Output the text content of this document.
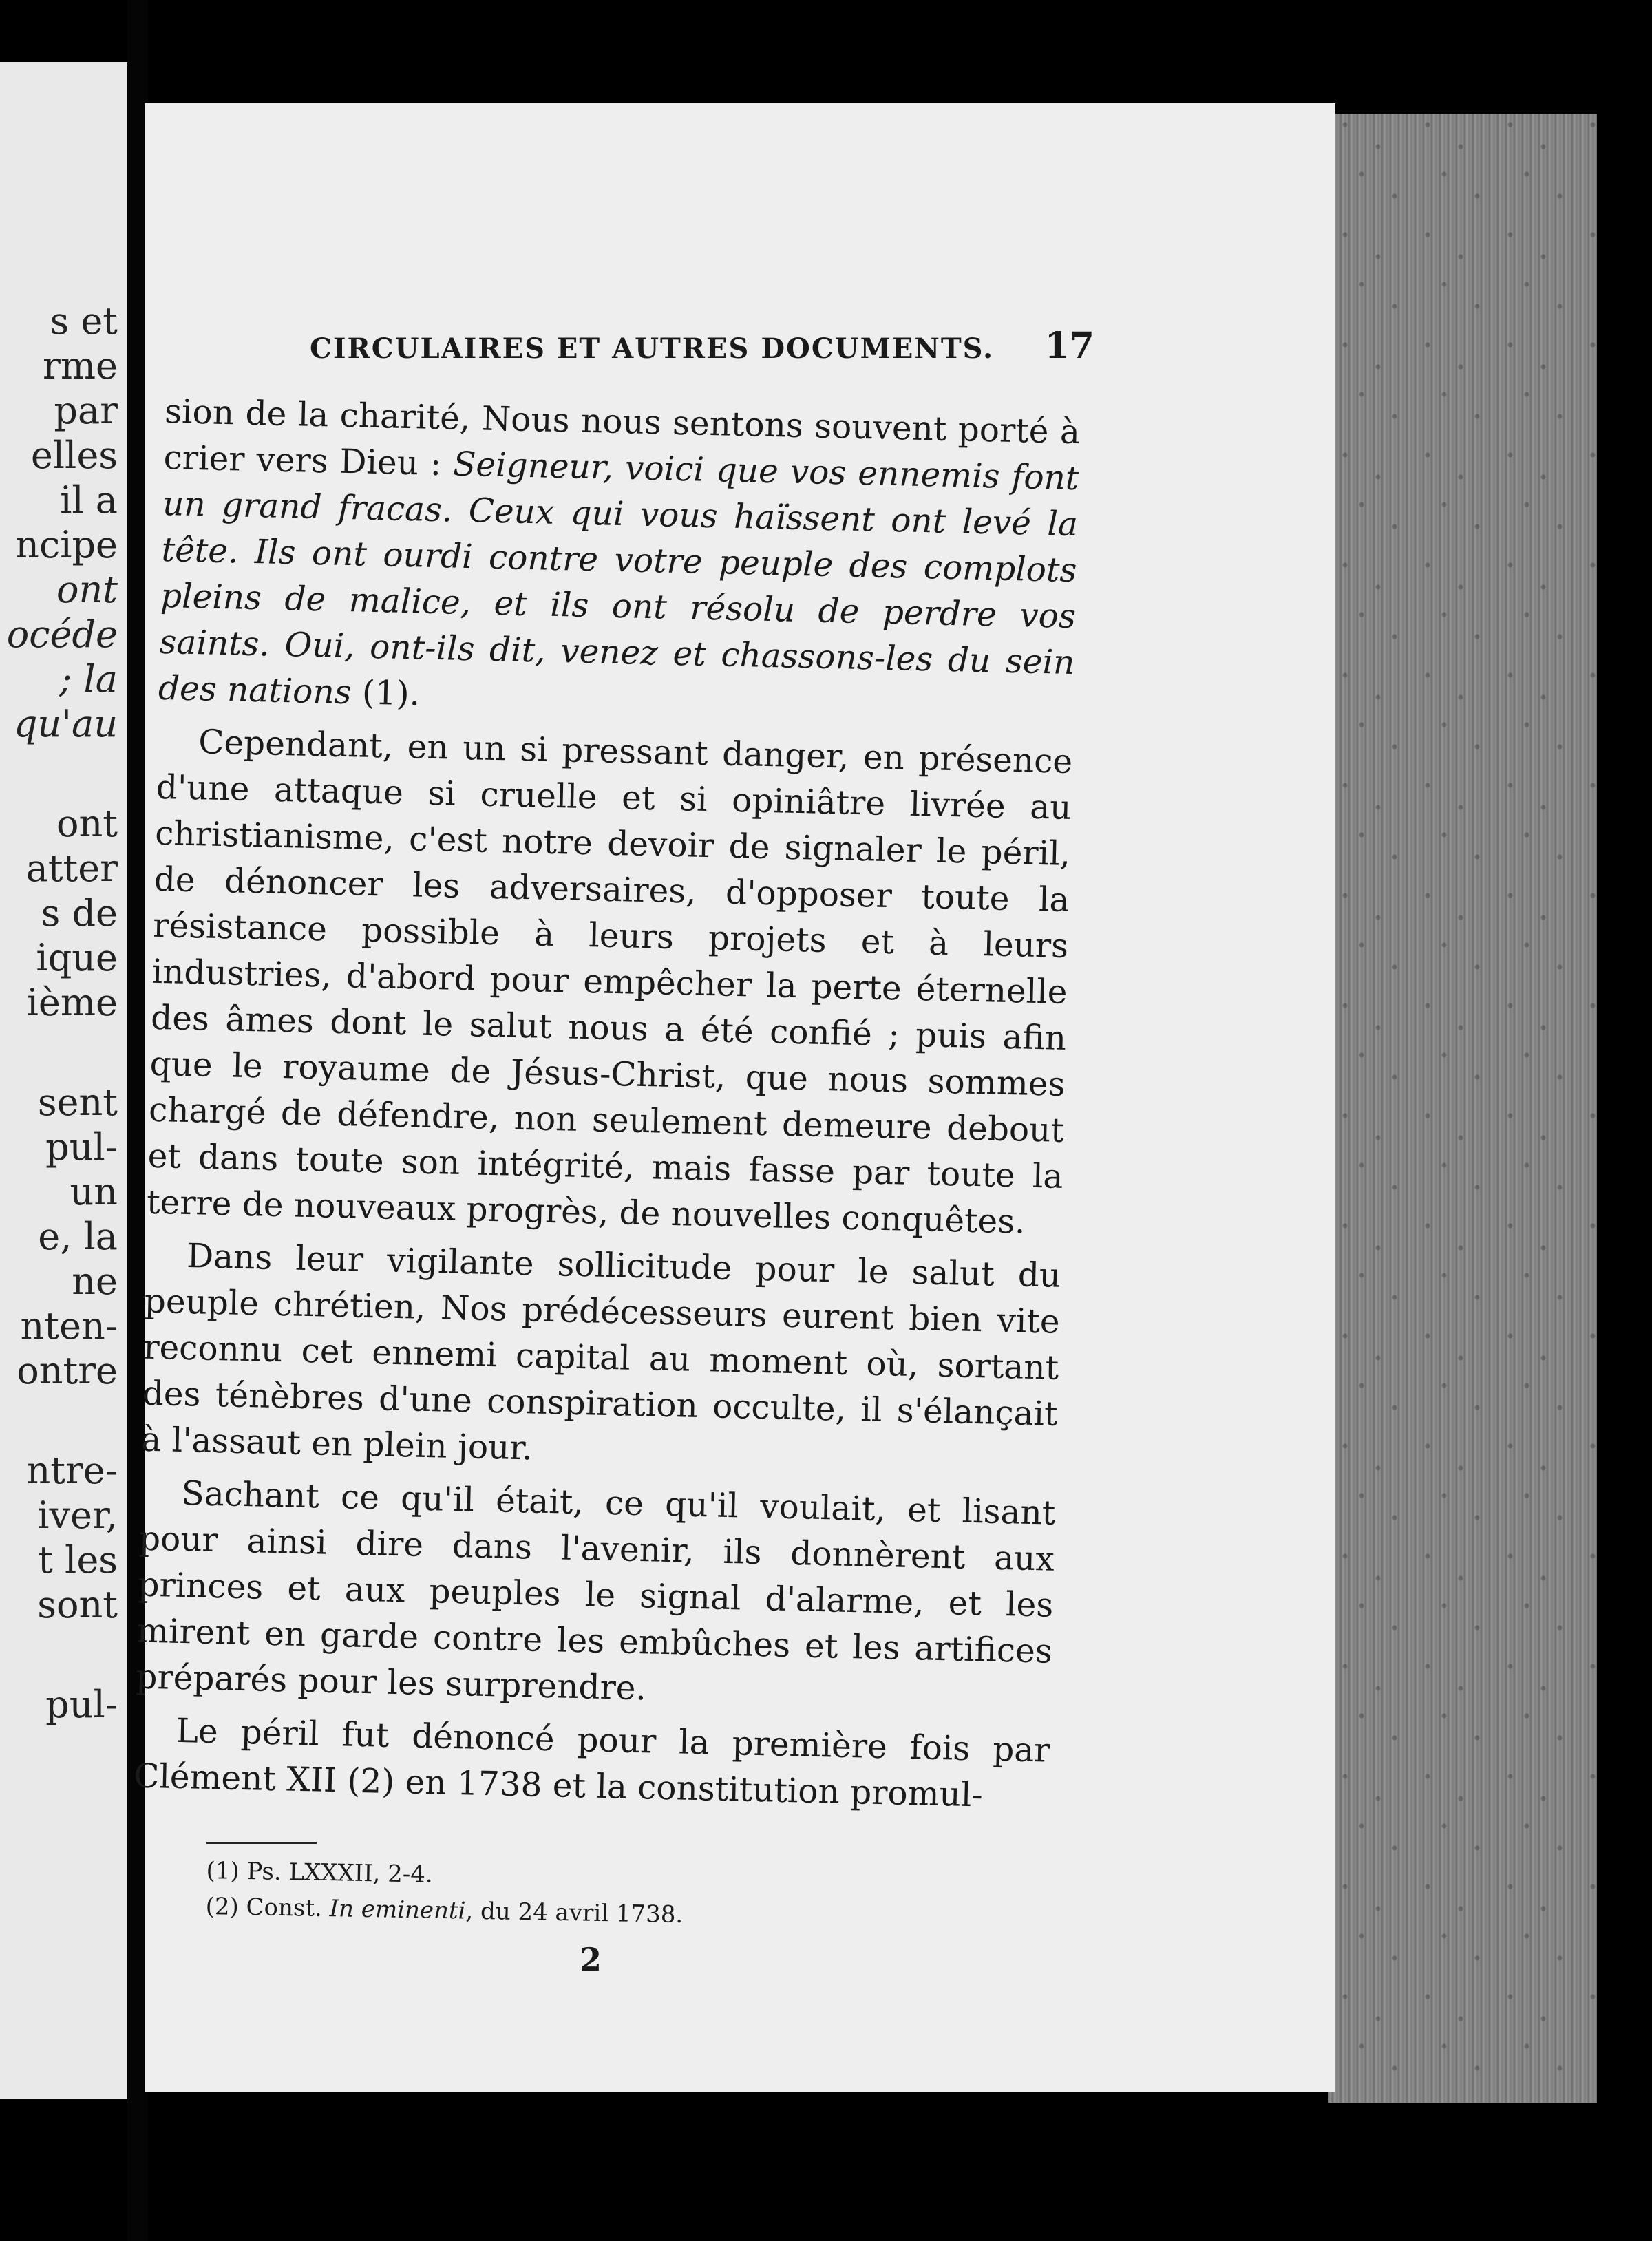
s et
rme
par
elles
il a
ncipe
ont
océde
; la
qu'au
ont
atter
s de
ique
ième
sent
pul-
un
e, la
ne
nten-
ontre
ntre-
iver,
t les
sont
pul-
CIRCULAIRES ET AUTRES DOCUMENTS. 17

sion de la charité, Nous nous sentons souvent porté à crier vers Dieu : Seigneur, voici que vos ennemis font un grand fracas. Ceux qui vous haïssent ont levé la tête. Ils ont ourdi contre votre peuple des complots pleins de malice, et ils ont résolu de perdre vos saints. Oui, ont-ils dit, venez et chassons-les du sein des nations (1).

Cependant, en un si pressant danger, en présence d'une attaque si cruelle et si opiniâtre livrée au christianisme, c'est notre devoir de signaler le péril, de dénoncer les adversaires, d'opposer toute la résistance possible à leurs projets et à leurs industries, d'abord pour empêcher la perte éternelle des âmes dont le salut nous a été confié ; puis afin que le royaume de Jésus-Christ, que nous sommes chargé de défendre, non seulement demeure debout et dans toute son intégrité, mais fasse par toute la terre de nouveaux progrès, de nouvelles conquêtes.

Dans leur vigilante sollicitude pour le salut du peuple chrétien, Nos prédécesseurs eurent bien vite reconnu cet ennemi capital au moment où, sortant des ténèbres d'une conspiration occulte, il s'élançait à l'assaut en plein jour.

Sachant ce qu'il était, ce qu'il voulait, et lisant pour ainsi dire dans l'avenir, ils donnèrent aux princes et aux peuples le signal d'alarme, et les mirent en garde contre les embûches et les artifices préparés pour les surprendre.

Le péril fut dénoncé pour la première fois par Clément XII (2) en 1738 et la constitution promul-

(1) Ps. LXXXII, 2-4.

(2) Const. In eminenti, du 24 avril 1738.

2
